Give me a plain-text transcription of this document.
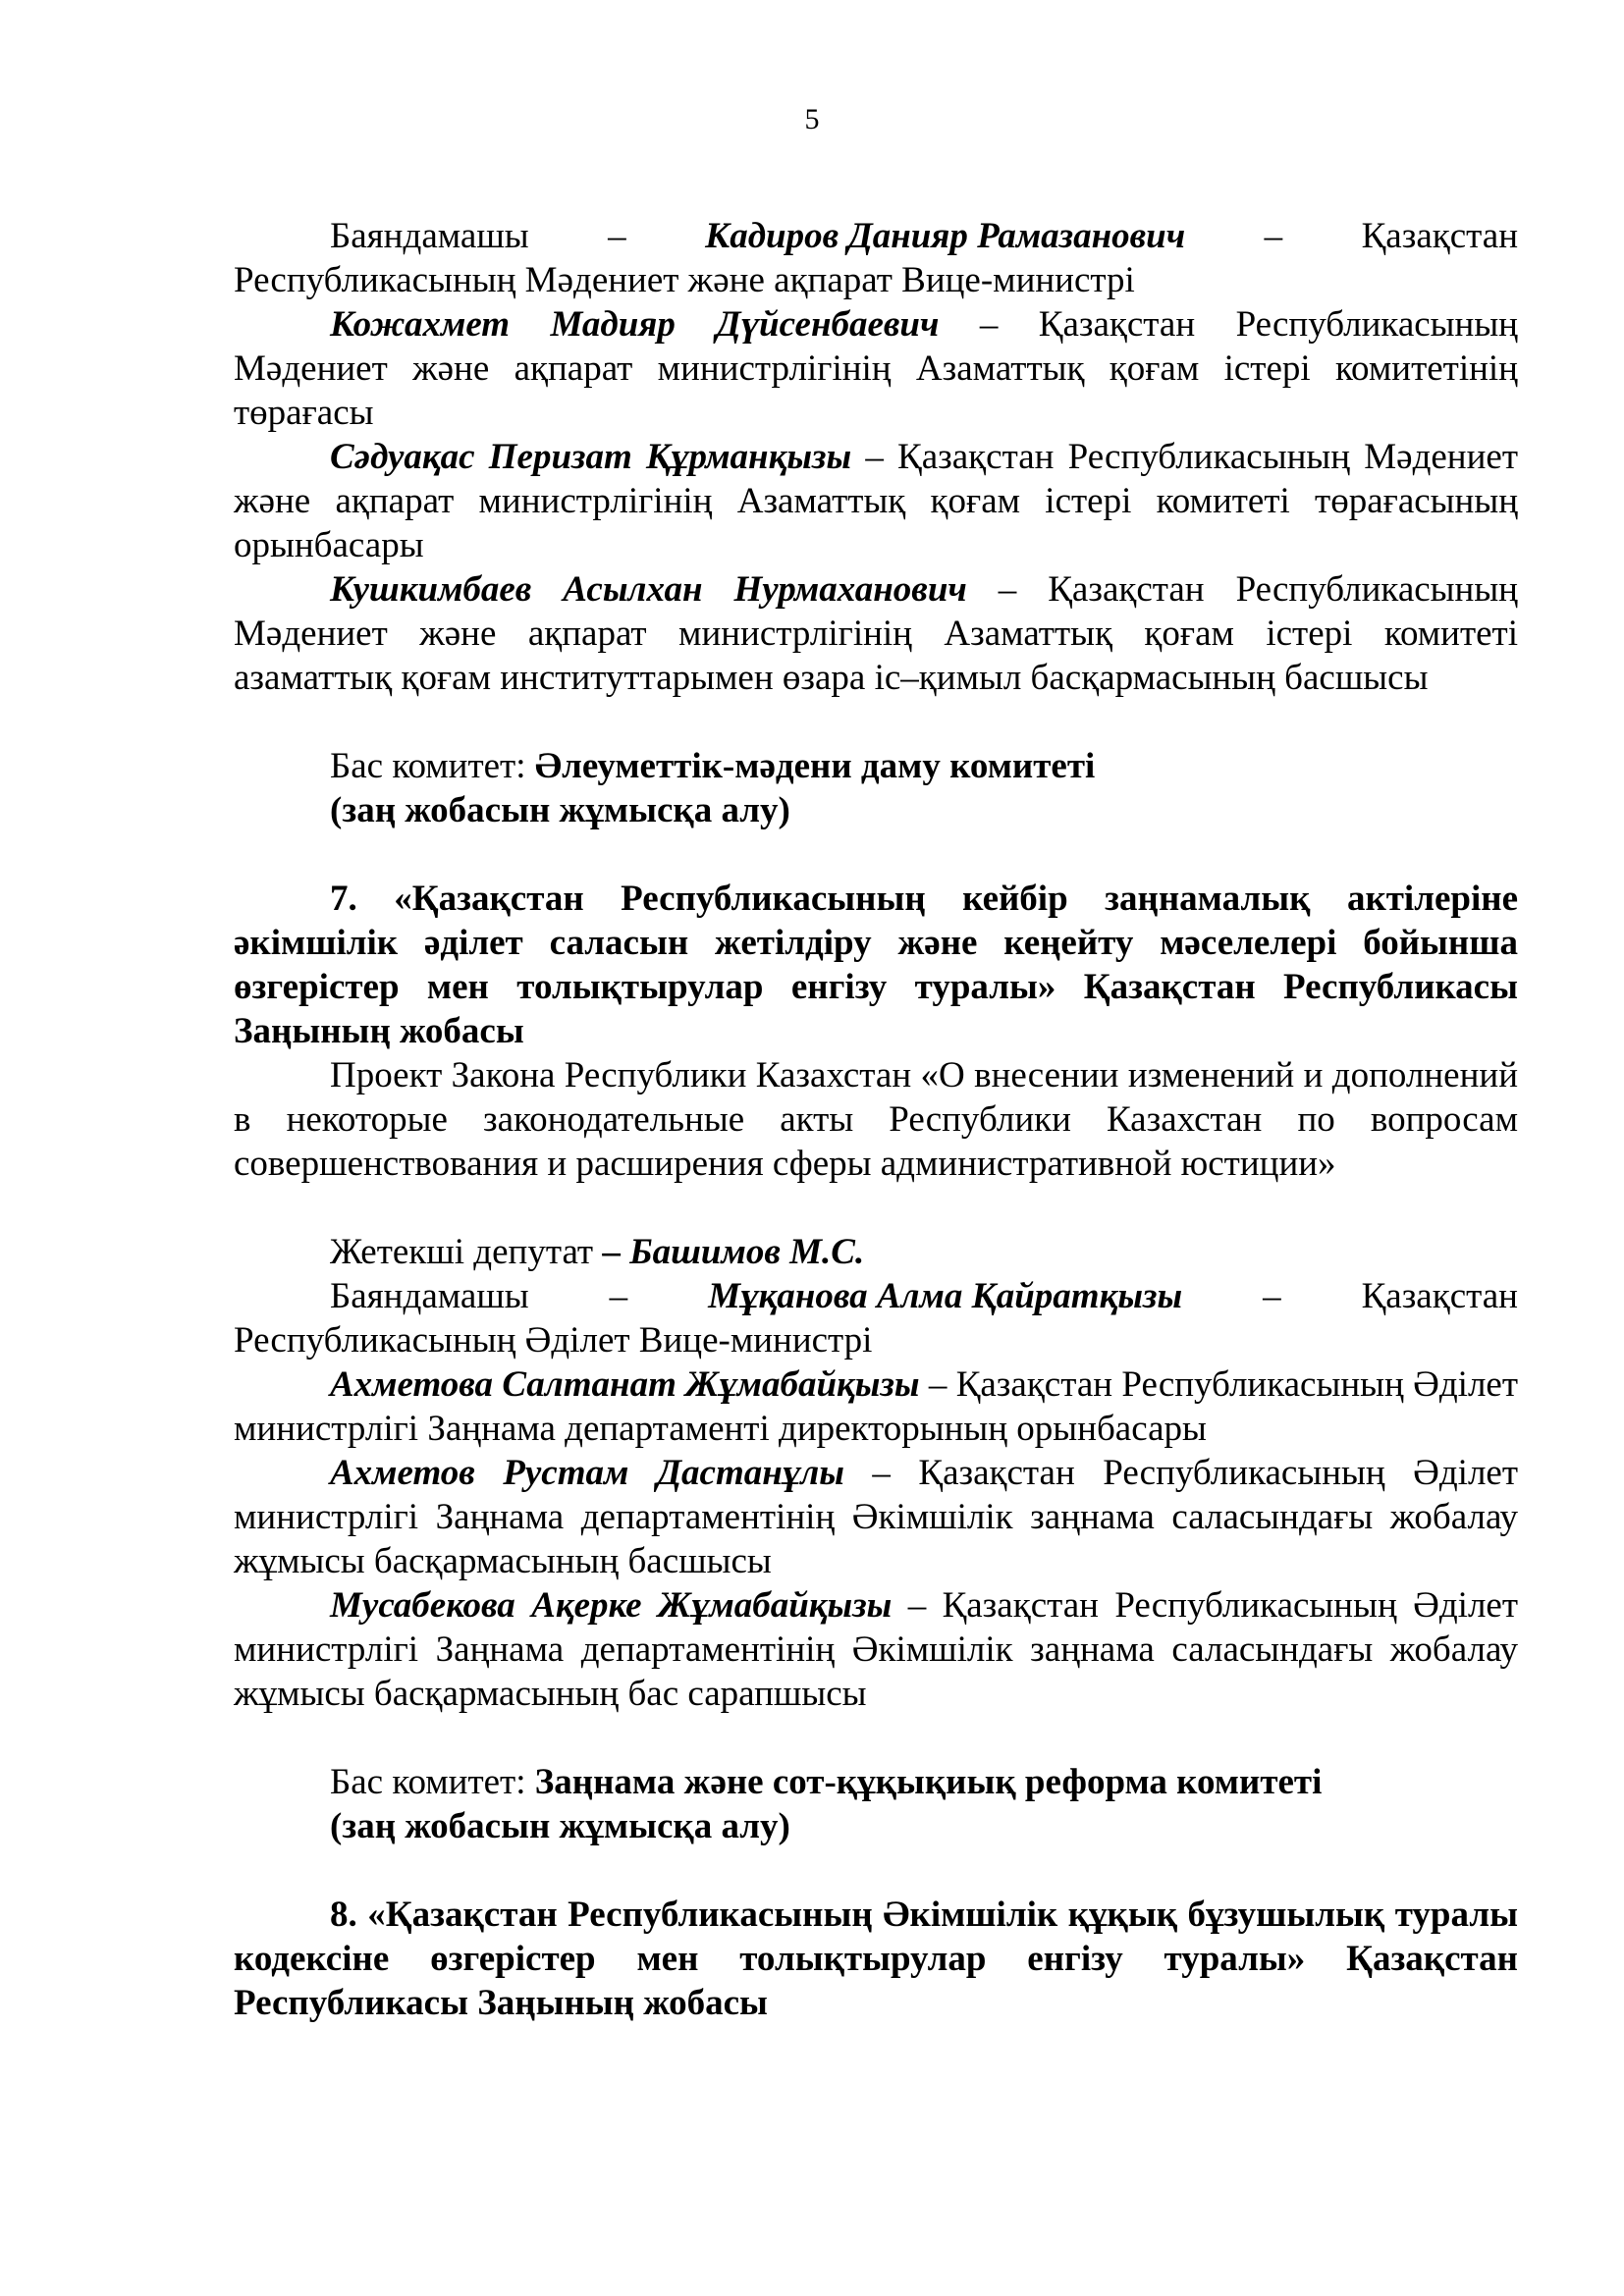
5
Баяндамашы – Кадиров Данияр Рамазанович – Қазақстан

Республикасының Мәдениет және ақпарат Вице-министрі

Кожахмет Мадияр Дүйсенбаевич – Қазақстан Республикасының Мәдениет және ақпарат министрлігінің Азаматтық қоғам істері комитетінің төрағасы

Сәдуақас Перизат Құрманқызы – Қазақстан Республикасының Мәдениет және ақпарат министрлігінің Азаматтық қоғам істері комитеті төрағасының орынбасары

Кушкимбаев Асылхан Нурмаханович – Қазақстан Республикасының Мәдениет және ақпарат министрлігінің Азаматтық қоғам істері комитеті азаматтық қоғам институттарымен өзара іс–қимыл басқармасының басшысы

Бас комитет: Әлеуметтік-мәдени даму комитеті

(заң жобасын жұмысқа алу)

7. «Қазақстан Республикасының кейбір заңнамалық актілеріне әкімшілік әділет саласын жетілдіру және кеңейту мәселелері бойынша өзгерістер мен толықтырулар енгізу туралы» Қазақстан Республикасы Заңының жобасы

Проект Закона Республики Казахстан «О внесении изменений и дополнений в некоторые законодательные акты Республики Казахстан по вопросам совершенствования и расширения сферы административной юстиции»

Жетекші депутат – Башимов М.С.

Баяндамашы – Мұқанова Алма Қайратқызы – Қазақстан

Республикасының Әділет Вице-министрі

Ахметова Салтанат Жұмабайқызы – Қазақстан Республикасының Әділет министрлігі Заңнама департаменті директорының орынбасары

Ахметов Рустам Дастанұлы – Қазақстан Республикасының Әділет министрлігі Заңнама департаментінің Әкімшілік заңнама саласындағы жобалау жұмысы басқармасының басшысы

Мусабекова Ақерке Жұмабайқызы – Қазақстан Республикасының Әділет министрлігі Заңнама департаментінің Әкімшілік заңнама саласындағы жобалау жұмысы басқармасының бас сарапшысы

Бас комитет: Заңнама және сот-құқықиық реформа комитеті

(заң жобасын жұмысқа алу)

8. «Қазақстан Республикасының Әкімшілік құқық бұзушылық туралы кодексіне өзгерістер мен толықтырулар енгізу туралы» Қазақстан Республикасы Заңының жобасы
